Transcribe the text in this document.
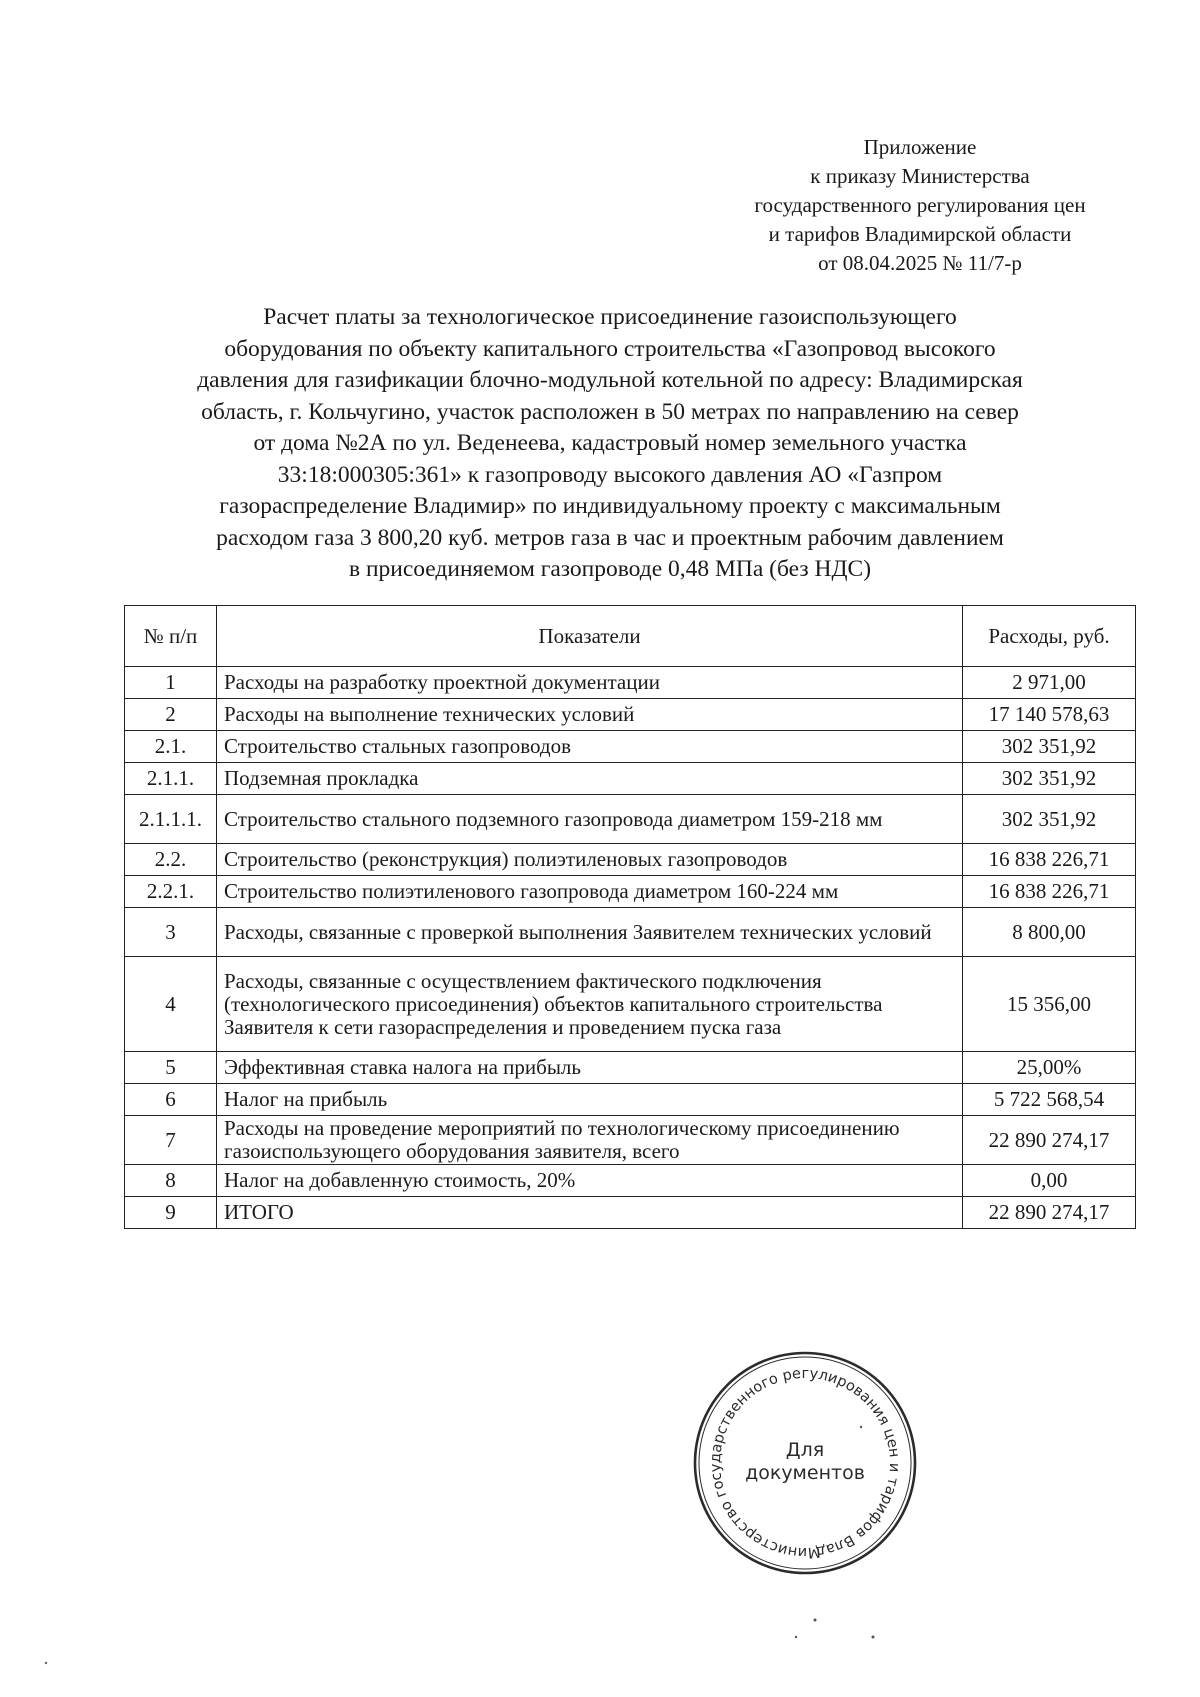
Приложение
к приказу Министерства
государственного регулирования цен
и тарифов Владимирской области
от 08.04.2025 № 11/7-р
Расчет платы за технологическое присоединение газоиспользующего
оборудования по объекту капитального строительства «Газопровод высокого
давления для газификации блочно-модульной котельной по адресу: Владимирская
область, г. Кольчугино, участок расположен в 50 метрах по направлению на север
от дома №2А по ул. Веденеева, кадастровый номер земельного участка
33:18:000305:361» к газопроводу высокого давления АО «Газпром
газораспределение Владимир» по индивидуальному проекту с максимальным
расходом газа 3 800,20 куб. метров газа в час и проектным рабочим давлением
в присоединяемом газопроводе 0,48 МПа (без НДС)
№ п/п	Показатели	Расходы, руб.
1	Расходы на разработку проектной документации	2 971,00
2	Расходы на выполнение технических условий	17 140 578,63
2.1.	Строительство стальных газопроводов	302 351,92
2.1.1.	Подземная прокладка	302 351,92
2.1.1.1.	Строительство стального подземного газопровода диаметром 159-218 мм	302 351,92
2.2.	Строительство (реконструкция) полиэтиленовых газопроводов	16 838 226,71
2.2.1.	Строительство полиэтиленового газопровода диаметром 160-224 мм	16 838 226,71
3	Расходы, связанные с проверкой выполнения Заявителем технических условий	8 800,00
4	Расходы, связанные с осуществлением фактического подключения (технологического присоединения) объектов капитального строительства Заявителя к сети газораспределения и проведением пуска газа	15 356,00
5	Эффективная ставка налога на прибыль	25,00%
6	Налог на прибыль	5 722 568,54
7	Расходы на проведение мероприятий по технологическому присоединению газоиспользующего оборудования заявителя, всего	22 890 274,17
8	Налог на добавленную стоимость, 20%	0,00
9	ИТОГО	22 890 274,17
Министерство государственного регулирования цен и тарифов Владимирской
Для
документов
